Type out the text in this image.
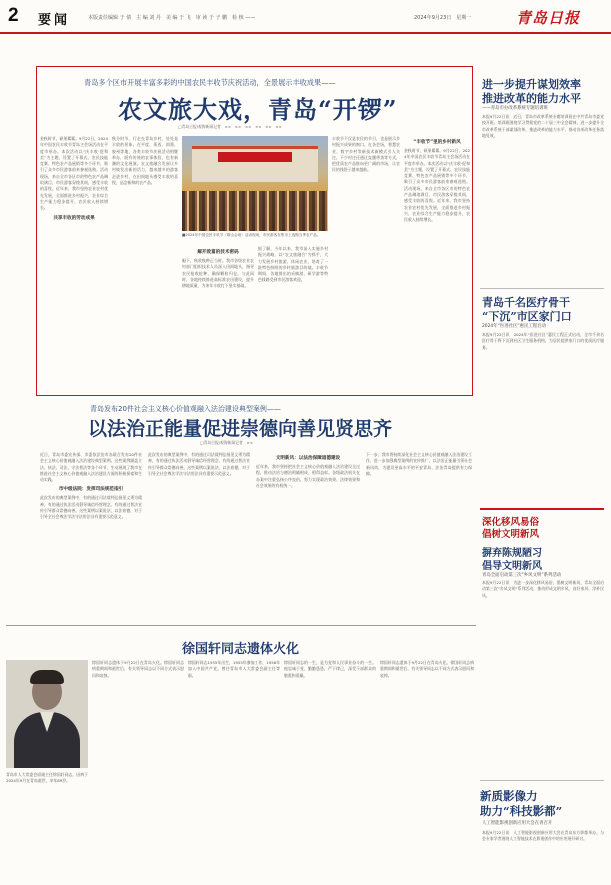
2 要闻	本版责任编辑 于 倩　主 编 刘 丹　美 编 于 飞　审 读 于 子 鹏　检 核 ——	2024年9月23日　星期一	青岛日报
青岛多个区市开展丰富多彩的中国农民丰收节庆祝活动，全景展示丰收成果——
农文旅大戏，青岛“开锣”
□青岛日报/观海新闻记者　××　××　××　××　××　××
金秋时节，硕果累累。9月22日，2024年中国农民丰收节青岛主会场活动在平度市举办。本次活动以“庆丰收·促和美”为主题，设置了开幕式、农民技能竞赛、特色农产品展销等多个环节，吸引了众多市民游客前来参观选购。活动现场，来自全市各区市的特色农产品琳琅满目，市民游客穿梭其间，感受丰收的喜悦。近年来，我市坚持农业农村优先发展，全面推进乡村振兴，农业综合生产能力稳步提升，农民收入持续增长。
共享丰收的劳动成果
秋分时节，行走在青岛乡村，处处是丰收的景象。在平度、莱西、即墨、胶州等地，各类丰收节庆祝活动相继举办，既有传统的农事体验，也有新潮的文化展演。农文旅融合发展让乡村焕发出新的活力，越来越多的游客走进乡村，在田间地头感受丰收的喜悦，品尝新鲜的农产品。
■2024年中国农民丰收节（崂山会场）活动现场，市民游客在集市上选购当季农产品。
解开致富的技术密码
眼下，秋收秋种正当时。我市各级农业农村部门组织技术人员深入田间地头，指导农民抢收抢种，确保颗粒归仓。与此同时，各地持续推进高标准农田建设，提升耕地质量，为来年丰收打下坚实基础。
据了解，今年以来，我市深入实施乡村振兴战略，以“农文旅融合”为抓手，大力发展乡村旅游、休闲农业，培育了一批特色鲜明的乡村旅游目的地。丰收节期间，各地推出的采摘游、研学游等特色线路受到市民游客欢迎。
丰收节不仅是农民的节日，也是展示乡村振兴成果的窗口。在各会场，智慧农业、数字乡村等新技术新模式引人关注。不少村庄还通过直播带货等方式，把优质农产品推向更广阔的市场，让农民的钱袋子越来越鼓。
“丰收节”里的乡村新风
金秋时节，硕果累累。9月22日，2024年中国农民丰收节青岛主会场活动在平度市举办。本次活动以“庆丰收·促和美”为主题，设置了开幕式、农民技能竞赛、特色农产品展销等多个环节，吸引了众多市民游客前来参观选购。活动现场，来自全市各区市的特色农产品琳琅满目，市民游客穿梭其间，感受丰收的喜悦。近年来，我市坚持农业农村优先发展，全面推进乡村振兴，农业综合生产能力稳步提升，农民收入持续增长。
进一步提升谋划效率
推进改革的能力水平
——青岛市办改革系统专题培训班
本报9月22日讯　近日，青岛市改革系统专题培训班在中共青岛市委党校开班。培训班围绕学习贯彻党的二十届三中全会精神，进一步提升全市改革系统干部谋划改革、推进改革的能力水平，推动各项改革任务落地见效。
青岛千名医疗骨干
“下沉”市区家门口
2024年“医进社区”惠民工程启动
本报9月22日讯　2024年“医进社区”惠民工程正式启动，全市千余名医疗骨干将下沉到社区卫生服务机构，为居民提供家门口的优质医疗服务。
深化移风易俗
倡树文明新风
摒弃陈规陋习
倡导文明新风
青岛全面启动第三次“乡风文明”系列活动
本报9月22日讯　为进一步深化移风易俗，倡树文明新风，青岛全面启动第三次“乡风文明”系列活动，推动形成文明乡风、良好家风、淳朴民风。
新质影像力
助力“科技影都”
人工智能影视创新应用大会在青召开
本报9月22日讯　人工智能影视创新应用大会在青岛东方影都举办。与会专家学者围绕人工智能技术在影视创作中的应用展开研讨。
青岛发布20件社会主义核心价值观融入法治建设典型案例——
以法治正能量促进崇德向善见贤思齐
□青岛日报/观海新闻记者　××
近日，青岛市委宣传部、市委依法治市办联合发布20件社会主义核心价值观融入法治建设典型案例。这些案例涵盖立法、执法、司法、守法普法等各个环节，生动展现了我市在推进社会主义核心价值观融入法治建设方面的积极探索和生动实践。
市中级法院：发挥司法规范指引
此次发布的典型案例中，有的通过司法裁判弘扬见义勇为精神，有的通过执法活动倡导诚信经营理念，有的通过普法宣传引导群众崇德向善。这些案例以案说法、以法育德，对于引导全社会尊法学法守法用法具有重要示范意义。
此次发布的典型案例中，有的通过司法裁判弘扬见义勇为精神，有的通过执法活动倡导诚信经营理念，有的通过普法宣传引导群众崇德向善。这些案例以案说法、以法育德，对于引导全社会尊法学法守法用法具有重要示范意义。
文明新风：以法治保障道德建设
近年来，我市坚持把社会主义核心价值观融入法治建设全过程，推动法治与德治相辅相成、相得益彰。各级政法机关在办案中注重弘扬公序良俗，努力实现政治效果、法律效果和社会效果的有机统一。
下一步，我市将持续深化社会主义核心价值观融入法治建设工作，进一步加强典型案例的宣传推广，以法治正能量引领社会新风尚，为建设更高水平的平安青岛、法治青岛提供有力保障。
徐国轩同志遗体火化
青岛市人大常委会原副主任徐国轩同志，因病于2024年9月在青岛逝世，享年89岁。
徐国轩同志遗体于9月22日在青岛火化。徐国轩同志病重期间和逝世后，有关领导同志以不同方式表示慰问和哀悼。
徐国轩同志1935年出生，1955年参加工作，1956年加入中国共产党。曾任青岛市人大常委会副主任等职。
徐国轩同志的一生，是为党和人民事业奋斗的一生。他忠诚于党，勤勤恳恳，严于律己，深受干部群众的敬重和爱戴。
徐国轩同志遗体于9月22日在青岛火化。徐国轩同志病重期间和逝世后，有关领导同志以不同方式表示慰问和哀悼。
